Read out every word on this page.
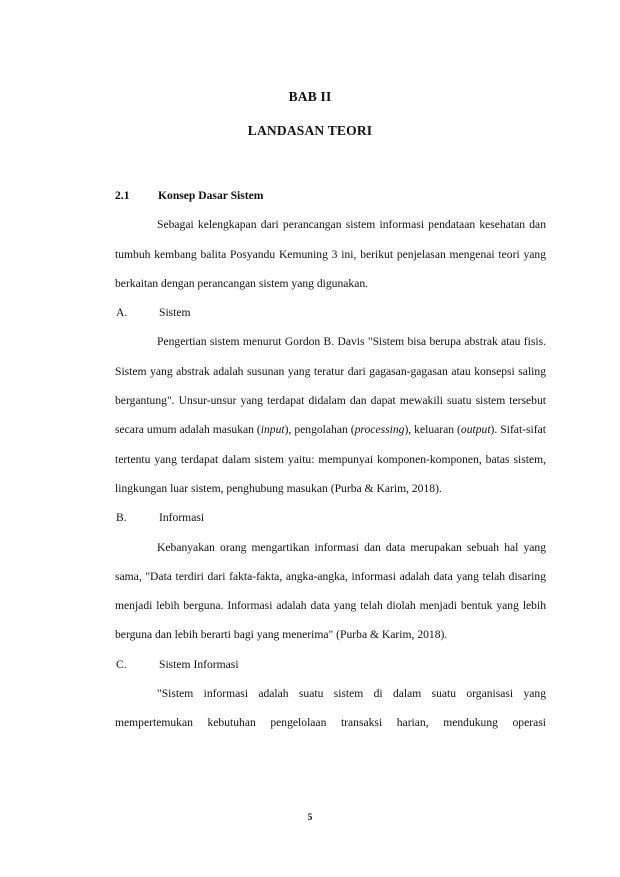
BAB II
LANDASAN TEORI
2.1 Konsep Dasar Sistem

Sebagai kelengkapan dari perancangan sistem informasi pendataan kesehatan dan tumbuh kembang balita Posyandu Kemuning 3 ini, berikut penjelasan mengenai teori yang berkaitan dengan perancangan sistem yang digunakan.

A.	Sistem

Pengertian sistem menurut Gordon B. Davis "Sistem bisa berupa abstrak atau fisis. Sistem yang abstrak adalah susunan yang teratur dari gagasan-gagasan atau konsepsi saling bergantung". Unsur-unsur yang terdapat didalam dan dapat mewakili suatu sistem tersebut secara umum adalah masukan (input), pengolahan (processing), keluaran (output). Sifat-sifat tertentu yang terdapat dalam sistem yaitu: mempunyai komponen-komponen, batas sistem, lingkungan luar sistem, penghubung masukan (Purba & Karim, 2018).

B.	Informasi

Kebanyakan orang mengartikan informasi dan data merupakan sebuah hal yang sama, "Data terdiri dari fakta-fakta, angka-angka, informasi adalah data yang telah disaring menjadi lebih berguna. Informasi adalah data yang telah diolah menjadi bentuk yang lebih berguna dan lebih berarti bagi yang menerima" (Purba & Karim, 2018).

C.	Sistem Informasi

"Sistem informasi adalah suatu sistem di dalam suatu organisasi yang mempertemukan kebutuhan pengelolaan transaksi harian, mendukung operasi

5
